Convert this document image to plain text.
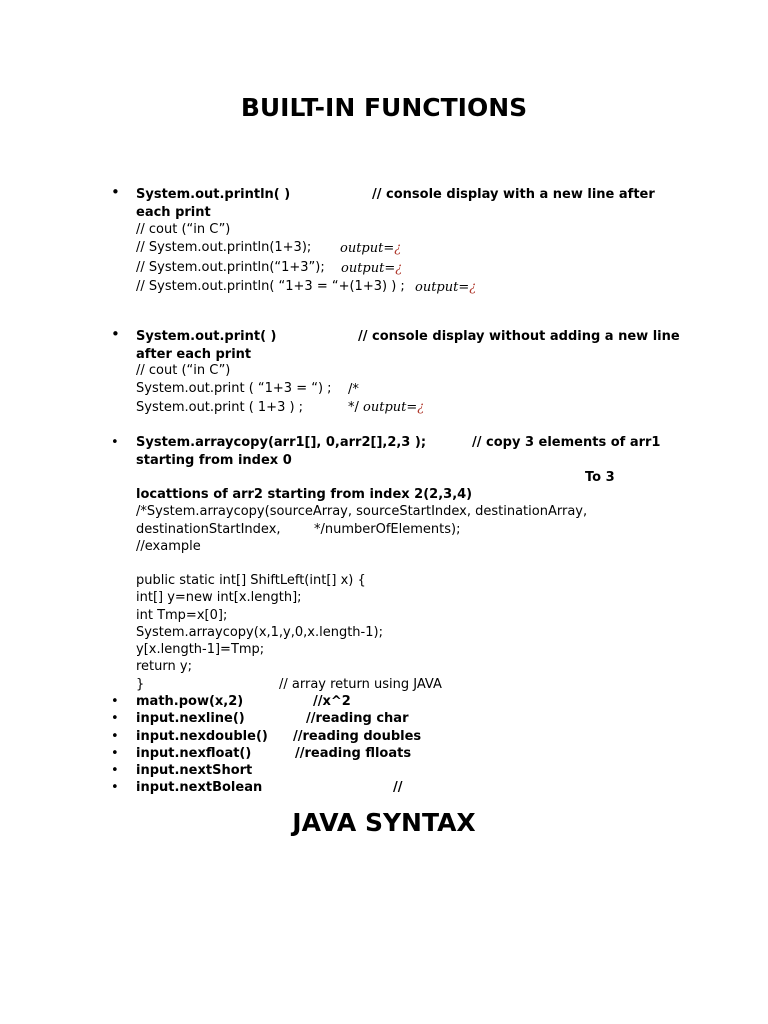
BUILT-IN FUNCTIONS
• System.out.println( )	// console display with a new line after
each print
// cout (“in C”)
// System.out.println(1+3); output=¿
// System.out.println(“1+3”); output=¿
// System.out.println( “1+3 = “+(1+3) ) ; output=¿
• System.out.print( )	// console display without adding a new line
after each print
// cout (“in C”)
System.out.print ( “1+3 = “) ; /*
System.out.print ( 1+3 ) ;	*/ output=¿
• System.arraycopy(arr1[], 0,arr2[],2,3 );	// copy 3 elements of arr1
starting from index 0
To 3
locattions of arr2 starting from index 2(2,3,4)
/*System.arraycopy(sourceArray, sourceStartIndex, destinationArray,
destinationStartIndex,	*/numberOfElements);
//example
public static int[] ShiftLeft(int[] x) {
int[] y=new int[x.length];
int Tmp=x[0];
System.arraycopy(x,1,y,0,x.length-1);
y[x.length-1]=Tmp;
return y;
}	// array return using JAVA
• math.pow(x,2)	//x^2
• input.nexline()	//reading char
• input.nexdouble() //reading doubles
• input.nexfloat()	//reading flloats
• input.nextShort
• input.nextBolean	//
JAVA SYNTAX
